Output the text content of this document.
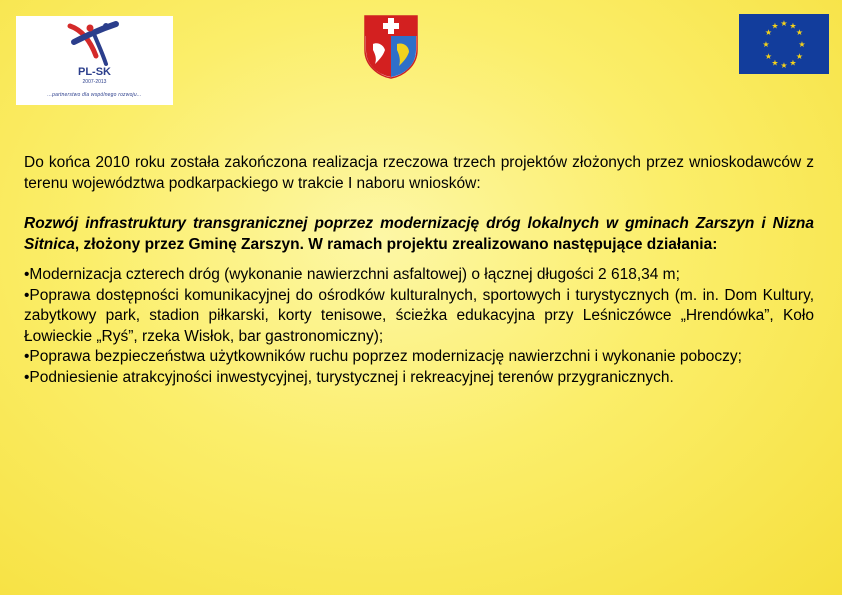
PL-SK
2007-2013
...partnerstwo dla wspólnego rozwoju...
★ ★
★
★
★
★
★
★
★
★
★
★

Do końca 2010 roku została zakończona realizacja rzeczowa trzech projektów złożonych przez wnioskodawców z terenu województwa podkarpackiego w trakcie I naboru wniosków:

Rozwój infrastruktury transgranicznej poprzez modernizację dróg lokalnych w gminach Zarszyn i Nizna Sitnica, złożony przez Gminę Zarszyn. W ramach projektu zrealizowano następujące działania:

•Modernizacja czterech dróg (wykonanie nawierzchni asfaltowej) o łącznej długości 2 618,34 m;

•Poprawa dostępności komunikacyjnej do ośrodków kulturalnych, sportowych i turystycznych (m. in. Dom Kultury, zabytkowy park, stadion piłkarski, korty tenisowe, ścieżka edukacyjna przy Leśniczówce „Hrendówka”, Koło Łowieckie „Ryś”, rzeka Wisłok, bar gastronomiczny);

•Poprawa bezpieczeństwa użytkowników ruchu poprzez modernizację nawierzchni i wykonanie poboczy;

•Podniesienie atrakcyjności inwestycyjnej, turystycznej i rekreacyjnej terenów przygranicznych.
